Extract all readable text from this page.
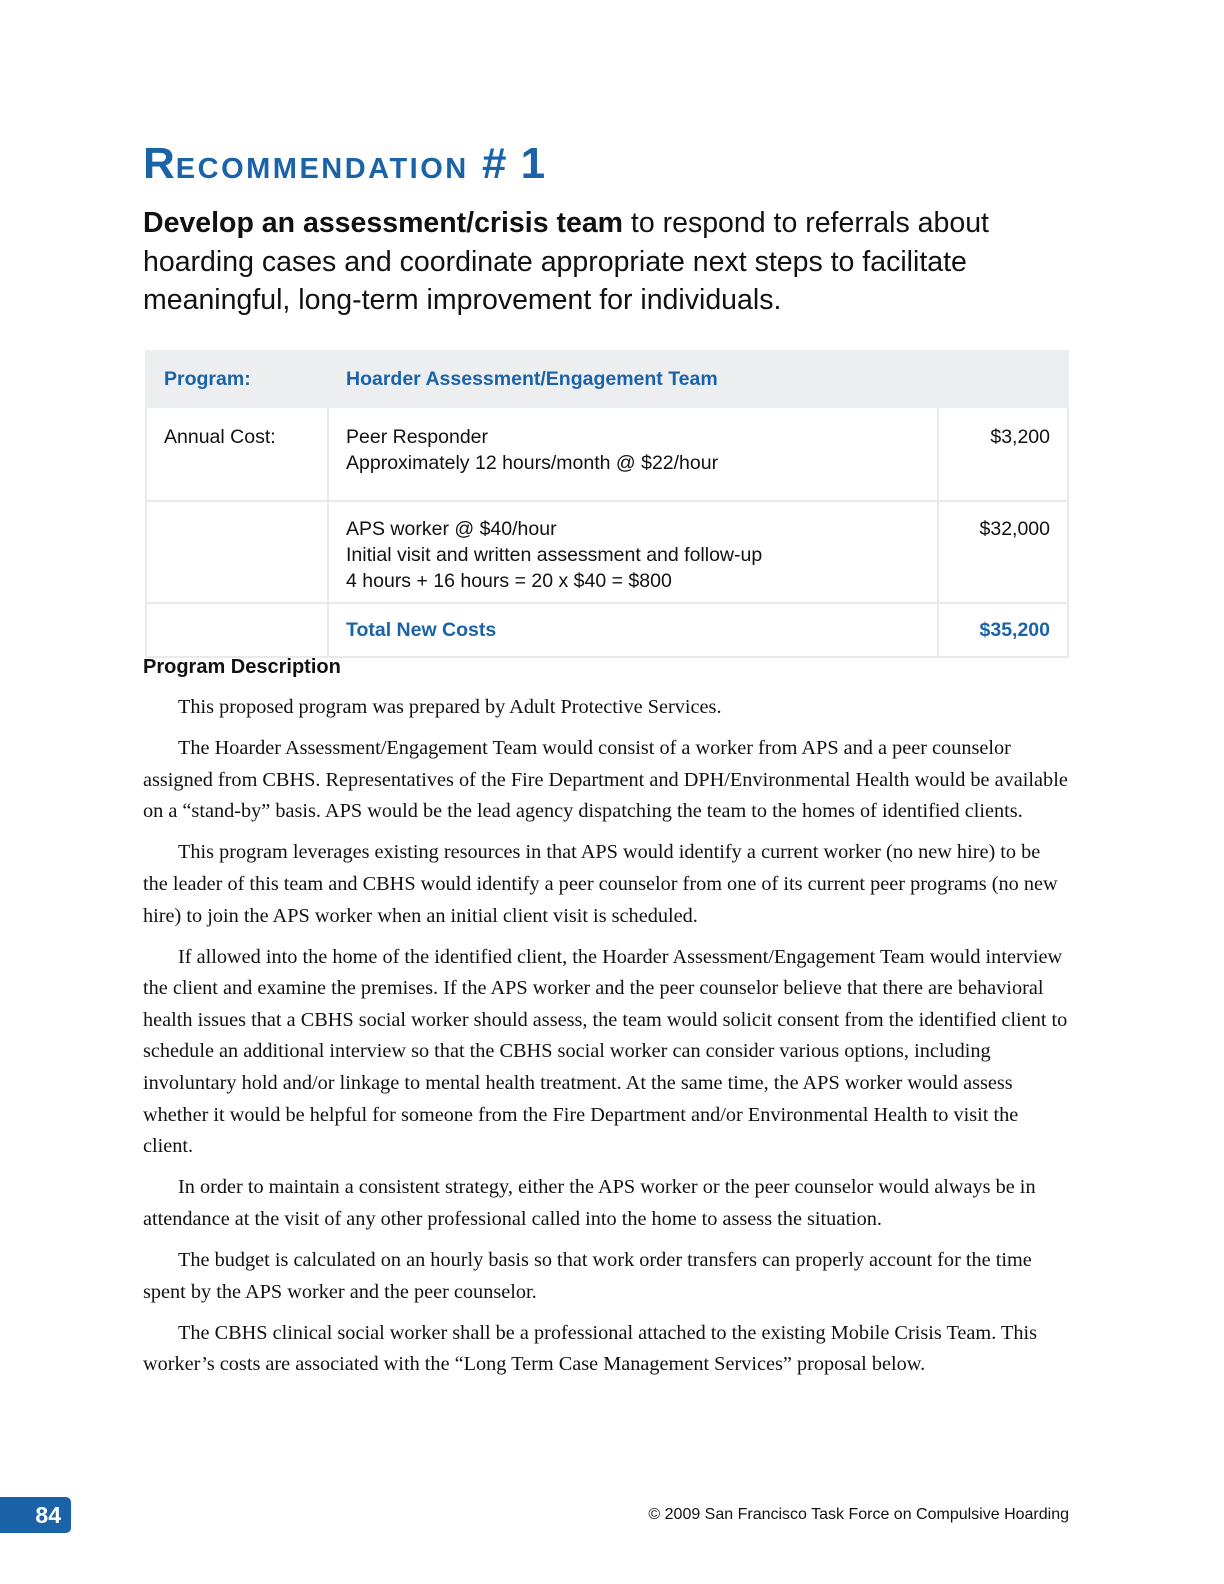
RECOMMENDATION # 1

Develop an assessment/crisis team to respond to referrals about hoarding cases and coordinate appropriate next steps to facilitate meaningful, long-term improvement for individuals.

Program:	Hoarder Assessment/Engagement Team	
Annual Cost:	Peer Responder
Approximately 12 hours/month @ $22/hour	$3,200

	APS worker @ $40/hour
Initial visit and written assessment and follow-up
4 hours + 16 hours = 20 x $40 = $800	$32,000
	Total New Costs	$35,200
Program Description

This proposed program was prepared by Adult Protective Services.

The Hoarder Assessment/Engagement Team would consist of a worker from APS and a peer counselor assigned from CBHS. Representatives of the Fire Department and DPH/Environmental Health would be available on a “stand-by” basis. APS would be the lead agency dispatching the team to the homes of identified clients.

This program leverages existing resources in that APS would identify a current worker (no new hire) to be the leader of this team and CBHS would identify a peer counselor from one of its current peer programs (no new hire) to join the APS worker when an initial client visit is scheduled.

If allowed into the home of the identified client, the Hoarder Assessment/Engagement Team would interview the client and examine the premises. If the APS worker and the peer counselor believe that there are behavioral health issues that a CBHS social worker should assess, the team would solicit consent from the identified client to schedule an additional interview so that the CBHS social worker can consider various options, including involuntary hold and/or linkage to mental health treatment. At the same time, the APS worker would assess whether it would be helpful for someone from the Fire Department and/or Environmental Health to visit the client.

In order to maintain a consistent strategy, either the APS worker or the peer counselor would always be in attendance at the visit of any other professional called into the home to assess the situation.

The budget is calculated on an hourly basis so that work order transfers can properly account for the time spent by the APS worker and the peer counselor.

The CBHS clinical social worker shall be a professional attached to the existing Mobile Crisis Team. This worker’s costs are associated with the “Long Term Case Management Services” proposal below.

84	© 2009 San Francisco Task Force on Compulsive Hoarding
